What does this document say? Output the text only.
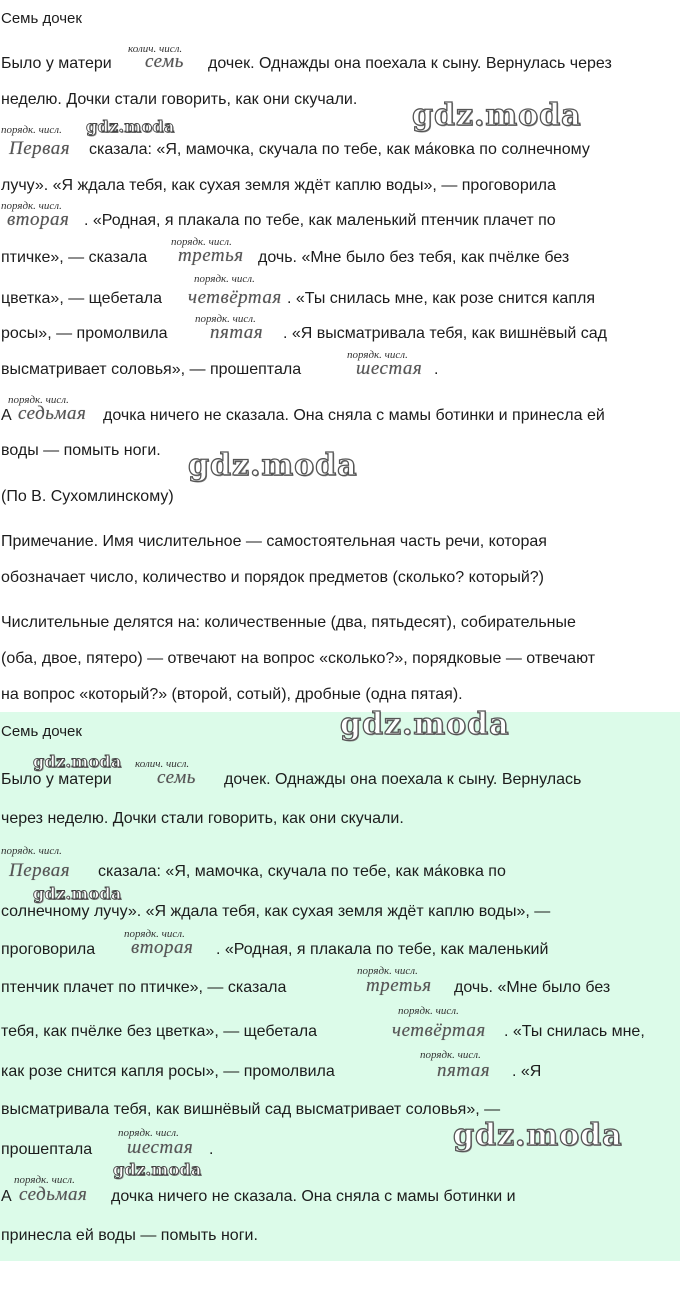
Семь дочек
колич. числ.
Было у матери семь дочек. Однажды она поехала к сыну. Вернулась через
неделю. Дочки стали говорить, как они скучали. gdz.moda
порядк. числ. gdz.moda
Первая сказала: «Я, мамочка, скучала по тебе, как ма́ковка по солнечному
лучу». «Я ждала тебя, как сухая земля ждёт каплю воды», — проговорила
порядк. числ.
вторая . «Родная, я плакала по тебе, как маленький птенчик плачет по
порядк. числ.
птичке», — сказала третья дочь. «Мне было без тебя, как пчёлке без
порядк. числ.
цветка», — щебетала четвёртая . «Ты снилась мне, как розе снится капля
порядк. числ.
росы», — промолвила пятая . «Я высматривала тебя, как вишнёвый сад
порядк. числ.
высматривает соловья», — прошептала	шестая .
порядк. числ.
А седьмая дочка ничего не сказала. Она сняла с мамы ботинки и принесла ей
воды — помыть ноги. gdz.moda
(По В. Сухомлинскому)
Примечание. Имя числительное — самостоятельная часть речи, которая
обозначает число, количество и порядок предметов (сколько? который?)
Числительные делятся на: количественные (два, пятьдесят), собирательные
(оба, двое, пятеро) — отвечают на вопрос «сколько?», порядковые — отвечают
на вопрос «который?» (второй, сотый), дробные (одна пятая).
Семь дочек	gdz.moda
gdz.moda колич. числ.
Было у матери семь дочек. Однажды она поехала к сыну. Вернулась
через неделю. Дочки стали говорить, как они скучали.
порядк. числ.
Первая сказала: «Я, мамочка, скучала по тебе, как ма́ковка по
gdz.moda
солнечному лучу». «Я ждала тебя, как сухая земля ждёт каплю воды», —
порядк. числ.
проговорила вторая . «Родная, я плакала по тебе, как маленький
порядк. числ.
птенчик плачет по птичке», — сказала	третья дочь. «Мне было без
порядк. числ.
тебя, как пчёлке без цветка», — щебетала	четвёртая . «Ты снилась мне,
порядк. числ.
как розе снится капля росы», — промолвила	пятая . «Я
высматривала тебя, как вишнёвый сад высматривает соловья», —
порядк. числ.
прошептала шестая .	gdz.moda
gdz.moda
порядк. числ.
А седьмая дочка ничего не сказала. Она сняла с мамы ботинки и
принесла ей воды — помыть ноги.
